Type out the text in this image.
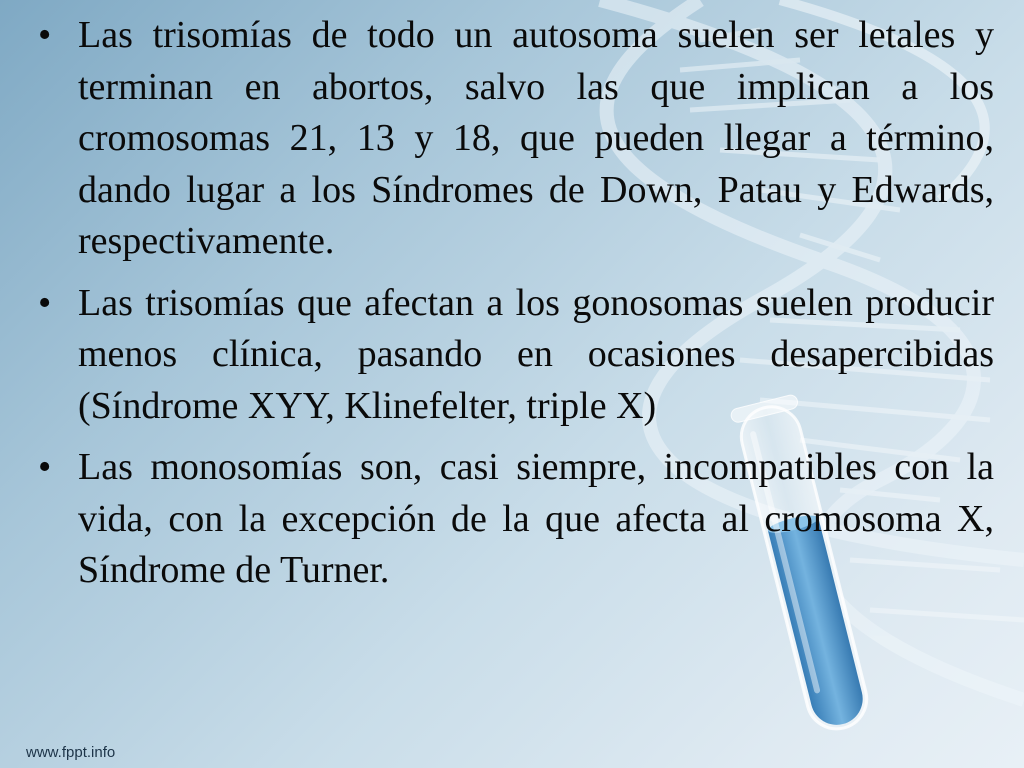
• Las trisomías de todo un autosoma suelen ser letales y terminan en abortos, salvo las que implican a los cromosomas 21, 13 y 18, que pueden llegar a término, dando lugar a los Síndromes de Down, Patau y Edwards, respectivamente.
• Las trisomías que afectan a los gonosomas suelen producir menos clínica, pasando en ocasiones desapercibidas (Síndrome XYY, Klinefelter, triple X)
• Las monosomías son, casi siempre, incompatibles con la vida, con la excepción de la que afecta al cromosoma X, Síndrome de Turner.
www.fppt.info
